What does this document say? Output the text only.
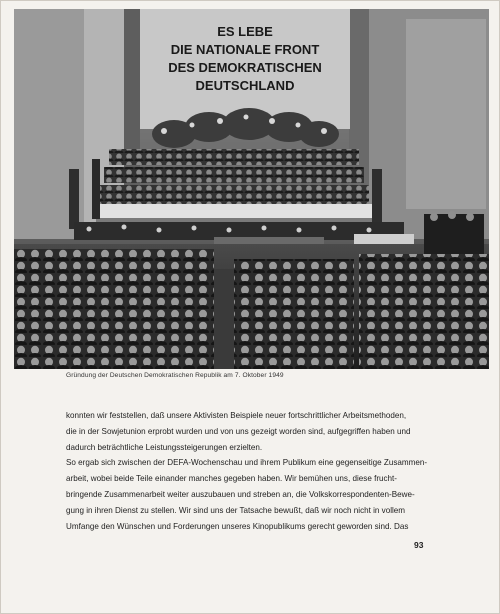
ES LEBE
DIE NATIONALE FRONT
DES DEMOKRATISCHEN
DEUTSCHLAND
Gründung der Deutschen Demokratischen Republik am 7. Oktober 1949
konnten wir feststellen, daß unsere Aktivisten Beispiele neuer fortschrittlicher Arbeitsmethoden,
die in der Sowjetunion erprobt wurden und von uns gezeigt worden sind, aufgegriffen haben und
dadurch beträchtliche Leistungssteigerungen erzielten.
So ergab sich zwischen der DEFA-Wochenschau und ihrem Publikum eine gegenseitige Zusammen-
arbeit, wobei beide Teile einander manches gegeben haben. Wir bemühen uns, diese frucht-
bringende Zusammenarbeit weiter auszubauen und streben an, die Volkskorrespondenten-Bewe-
gung in ihren Dienst zu stellen. Wir sind uns der Tatsache bewußt, daß wir noch nicht in vollem
Umfange den Wünschen und Forderungen unseres Kinopublikums gerecht geworden sind. Das
93
